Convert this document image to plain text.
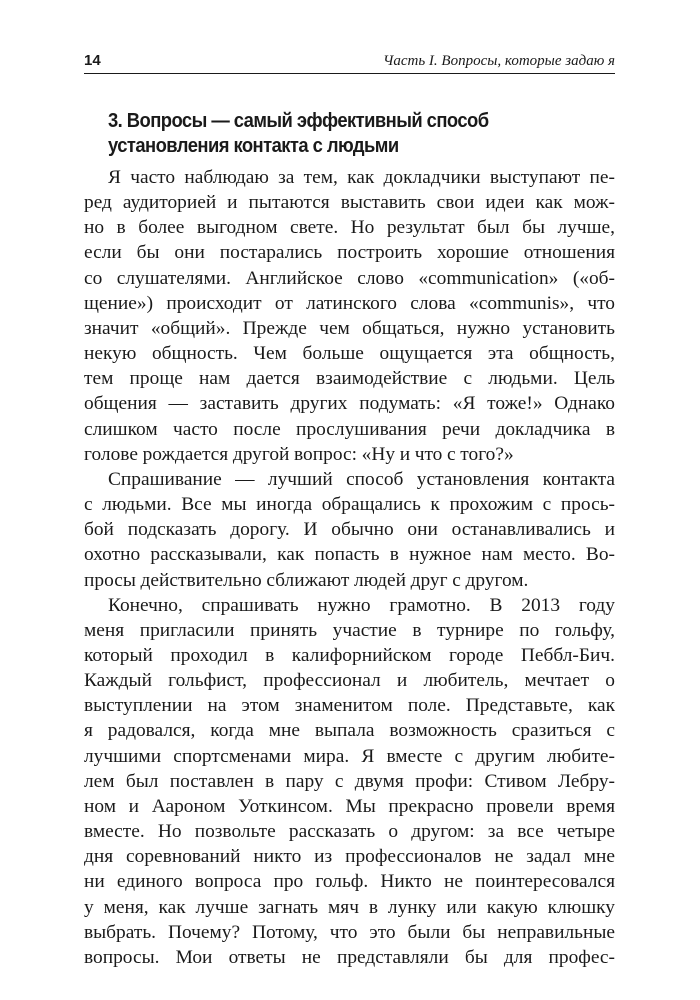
14	Часть I. Вопросы, которые задаю я
3. Вопросы — самый эффективный способ
установления контакта с людьми

Я часто наблюдаю за тем, как докладчики выступают пе-
ред аудиторией и пытаются выставить свои идеи как мож-
но в более выгодном свете. Но результат был бы лучше,
если бы они постарались построить хорошие отношения
со слушателями. Английское слово «communication» («об-
щение») происходит от латинского слова «communis», что
значит «общий». Прежде чем общаться, нужно установить
некую общность. Чем больше ощущается эта общность,
тем проще нам дается взаимодействие с людьми. Цель
общения — заставить других подумать: «Я тоже!» Однако
слишком часто после прослушивания речи докладчика в
голове рождается другой вопрос: «Ну и что с того?»

Спрашивание — лучший способ установления контакта
с людьми. Все мы иногда обращались к прохожим с прось-
бой подсказать дорогу. И обычно они останавливались и
охотно рассказывали, как попасть в нужное нам место. Во-
просы действительно сближают людей друг с другом.

Конечно, спрашивать нужно грамотно. В 2013 году
меня пригласили принять участие в турнире по гольфу,
который проходил в калифорнийском городе Пеббл-Бич.
Каждый гольфист, профессионал и любитель, мечтает о
выступлении на этом знаменитом поле. Представьте, как
я радовался, когда мне выпала возможность сразиться с
лучшими спортсменами мира. Я вместе с другим любите-
лем был поставлен в пару с двумя профи: Стивом Лебру-
ном и Аароном Уоткинсом. Мы прекрасно провели время
вместе. Но позвольте рассказать о другом: за все четыре
дня соревнований никто из профессионалов не задал мне
ни единого вопроса про гольф. Никто не поинтересовался
у меня, как лучше загнать мяч в лунку или какую клюшку
выбрать. Почему? Потому, что это были бы неправильные
вопросы. Мои ответы не представляли бы для профес-
